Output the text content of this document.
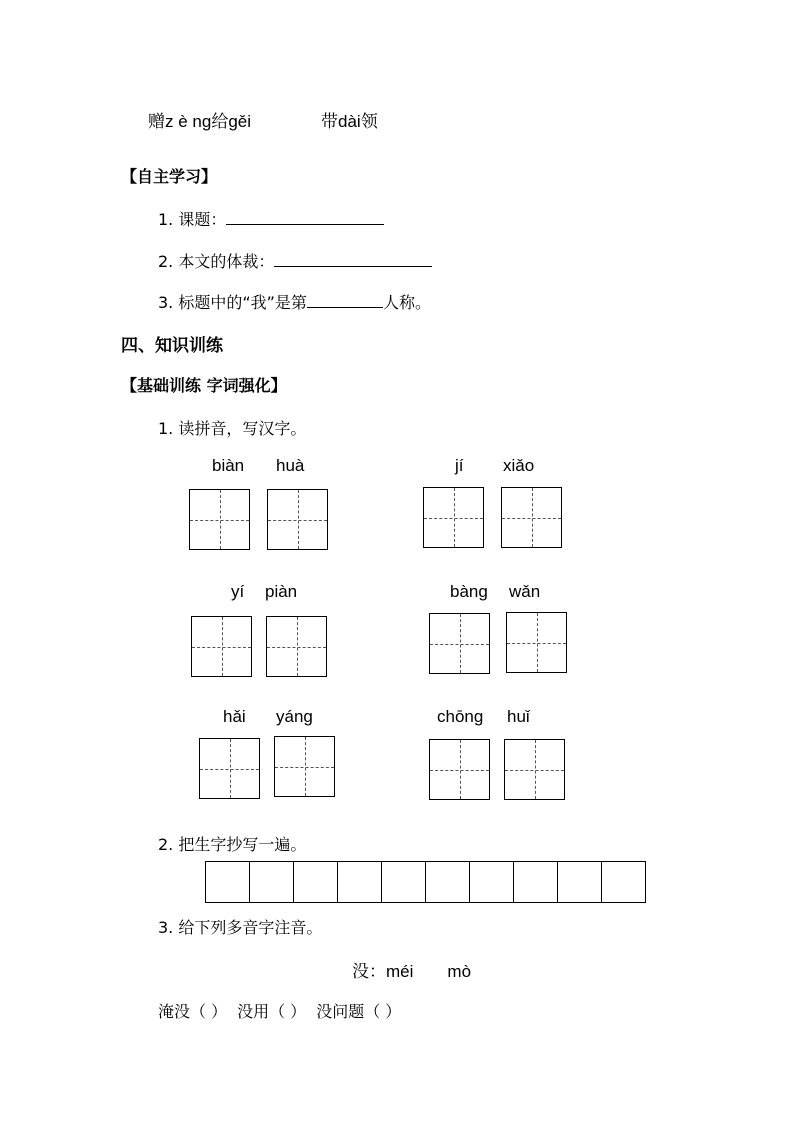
赠z è ng给gěi	带dài领
【自主学习】
1. 课题：
2. 本文的体裁：
3. 标题中的“我”是第	人称。
四、知识训练
【基础训练 字词强化】
1. 读拼音，写汉字。
biàn huà	jí xiǎo
yí piàn	bàng wǎn
hǎi yáng	chōng huǐ
2. 把生字抄写一遍。
3. 给下列多音字注音。
没：méi mò
淹没（ ） 没用（ ） 没问题（ ）
